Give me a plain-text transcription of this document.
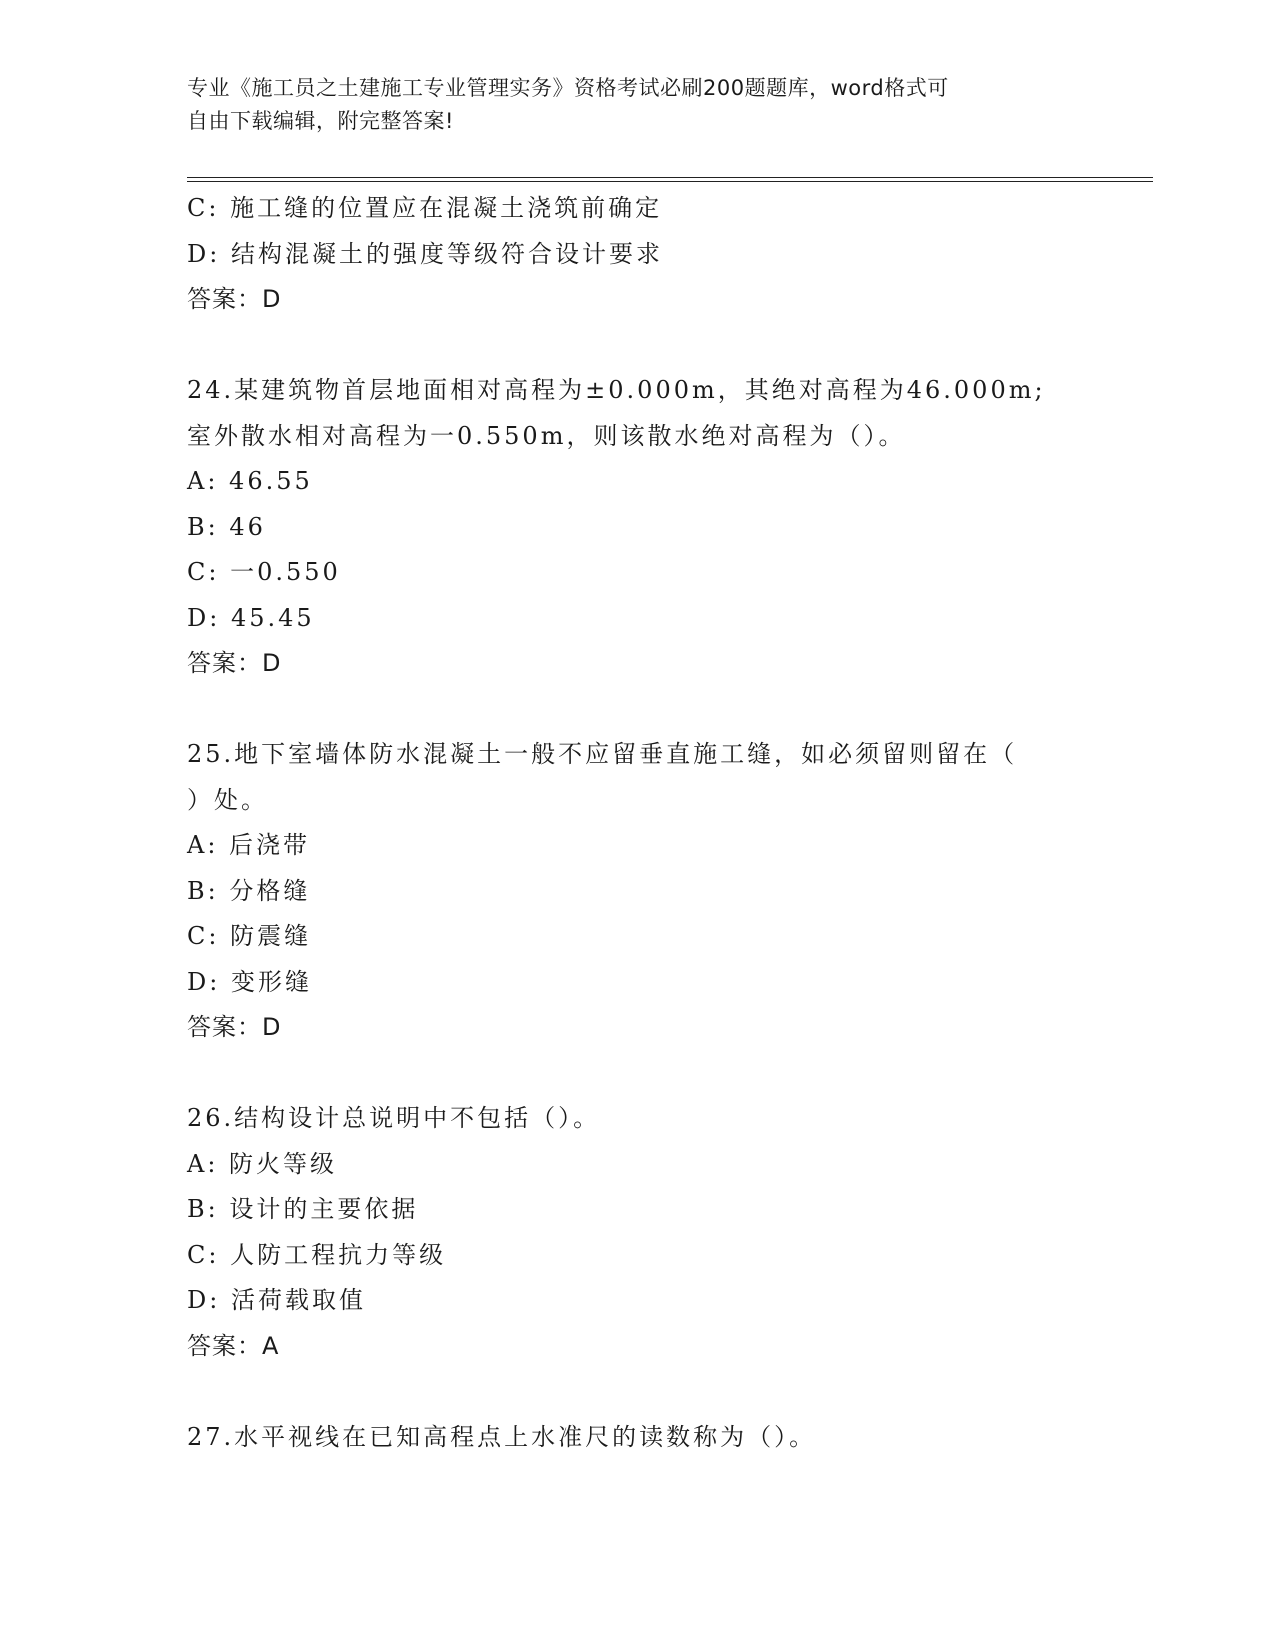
专业《施工员之土建施工专业管理实务》资格考试必刷200题题库，word格式可
自由下载编辑，附完整答案!
C: 施工缝的位置应在混凝土浇筑前确定
D: 结构混凝土的强度等级符合设计要求
答案：D
24.某建筑物首层地面相对高程为±0.000m，其绝对高程为46.000m;
室外散水相对高程为一0.550m，则该散水绝对高程为（）。
A: 46.55
B: 46
C: 一0.550
D: 45.45
答案：D
25.地下室墙体防水混凝土一般不应留垂直施工缝，如必须留则留在（
）处。
A: 后浇带
B: 分格缝
C: 防震缝
D: 变形缝
答案：D
26.结构设计总说明中不包括（）。
A: 防火等级
B: 设计的主要依据
C: 人防工程抗力等级
D: 活荷载取值
答案：A
27.水平视线在已知高程点上水准尺的读数称为（）。
